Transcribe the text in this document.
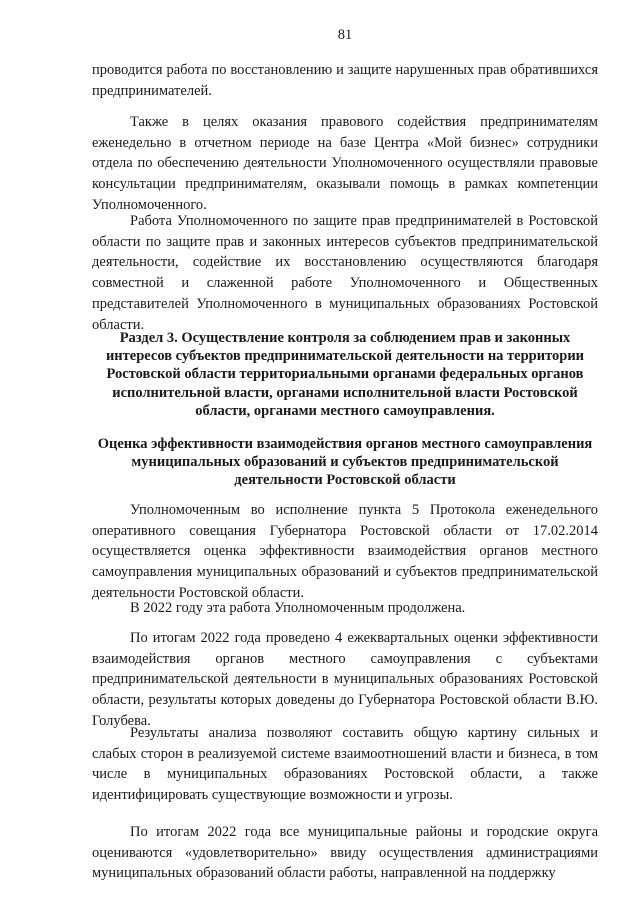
81

проводится работа по восстановлению и защите нарушенных прав обратившихся предпринимателей.

Также в целях оказания правового содействия предпринимателям еженедельно в отчетном периоде на базе Центра «Мой бизнес» сотрудники отдела по обеспечению деятельности Уполномоченного осуществляли правовые консультации предпринимателям, оказывали помощь в рамках компетенции Уполномоченного.

Работа Уполномоченного по защите прав предпринимателей в Ростовской области по защите прав и законных интересов субъектов предпринимательской деятельности, содействие их восстановлению осуществляются благодаря совместной и слаженной работе Уполномоченного и Общественных представителей Уполномоченного в муниципальных образованиях Ростовской области.

Раздел 3. Осуществление контроля за соблюдением прав и законных интересов субъектов предпринимательской деятельности на территории Ростовской области территориальными органами федеральных органов исполнительной власти, органами исполнительной власти Ростовской области, органами местного самоуправления.
Оценка эффективности взаимодействия органов местного самоуправления муниципальных образований и субъектов предпринимательской деятельности Ростовской области

Уполномоченным во исполнение пункта 5 Протокола еженедельного оперативного совещания Губернатора Ростовской области от 17.02.2014 осуществляется оценка эффективности взаимодействия органов местного самоуправления муниципальных образований и субъектов предпринимательской деятельности Ростовской области.

В 2022 году эта работа Уполномоченным продолжена.

По итогам 2022 года проведено 4 ежеквартальных оценки эффективности взаимодействия органов местного самоуправления с субъектами предпринимательской деятельности в муниципальных образованиях Ростовской области, результаты которых доведены до Губернатора Ростовской области В.Ю. Голубева.

Результаты анализа позволяют составить общую картину сильных и слабых сторон в реализуемой системе взаимоотношений власти и бизнеса, в том числе в муниципальных образованиях Ростовской области, а также идентифицировать существующие возможности и угрозы.

По итогам 2022 года все муниципальные районы и городские округа оцениваются «удовлетворительно» ввиду осуществления администрациями муниципальных образований области работы, направленной на поддержку
